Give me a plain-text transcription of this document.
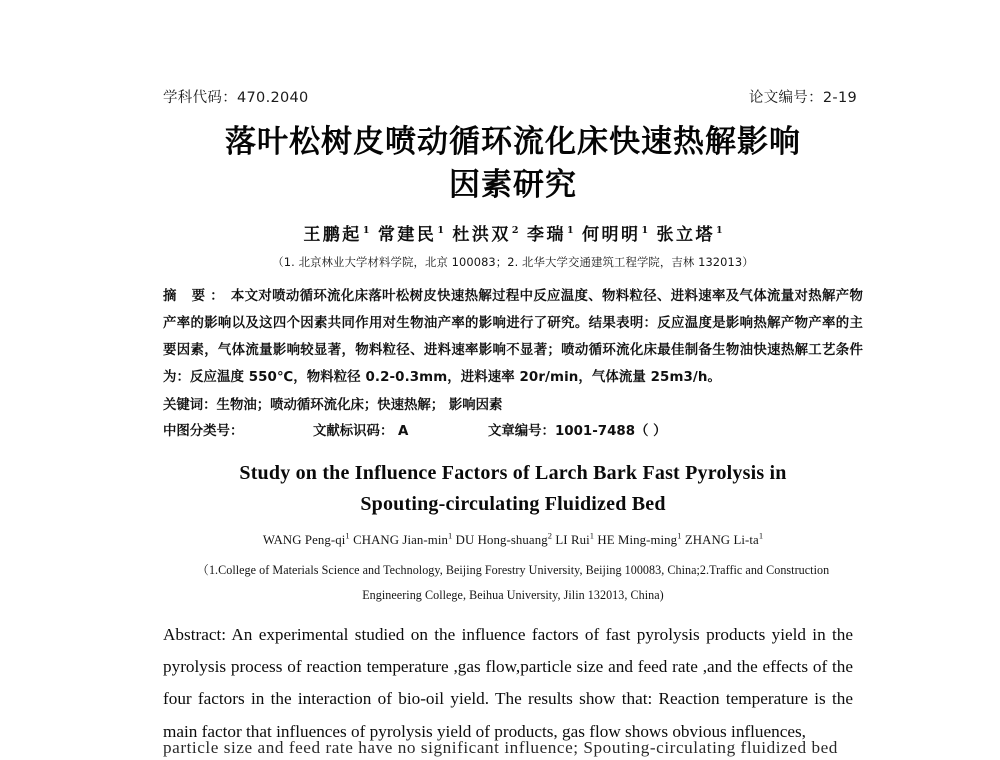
学科代码：470.2040	论文编号：2-19
落叶松树皮喷动循环流化床快速热解影响
因素研究
王鹏起$^1$ 常建民$^1$ 杜洪双$^2$ 李瑞$^1$ 何明明$^1$ 张立塔$^1$
（1. 北京林业大学材料学院，北京 100083；2. 北华大学交通建筑工程学院，吉林 132013）
摘 要： 本文对喷动循环流化床落叶松树皮快速热解过程中反应温度、物料粒径、进料速率及气体流量对热解产物产率的影响以及这四个因素共同作用对生物油产率的影响进行了研究。结果表明：反应温度是影响热解产物产率的主要因素，气体流量影响较显著，物料粒径、进料速率影响不显著；喷动循环流化床最佳制备生物油快速热解工艺条件为：反应温度 550℃，物料粒径 0.2-0.3mm，进料速率 20r/min，气体流量 25m3/h。
关键词：生物油；喷动循环流化床；快速热解； 影响因素
中图分类号：	文献标识码： A	文章编号：1001-7488（ ）
Study on the Influence Factors of Larch Bark Fast Pyrolysis in
Spouting-circulating Fluidized Bed
WANG Peng-$qi^1$ CHANG Jian-$\min^1$ DU Hong-shuang$^2$ LI Rui$^1$ HE Ming-ming$^1$ ZHANG $Li-ta^1$
（1.College of Materials Science and Technology, Beijing Forestry University, Beijing 100083, China;2.Traffic and Construction
Engineering College, Beihua University, Jilin 132013, China)

Abstract: An experimental studied on the influence factors of fast pyrolysis products yield in the pyrolysis process of reaction temperature ,gas flow,particle size and feed rate ,and the effects of the four factors in the interaction of bio-oil yield. The results show that: Reaction temperature is the main factor that influences of pyrolysis yield of products, gas flow shows obvious influences,

particle size and feed rate have no significant influence; Spouting-circulating fluidized bed
